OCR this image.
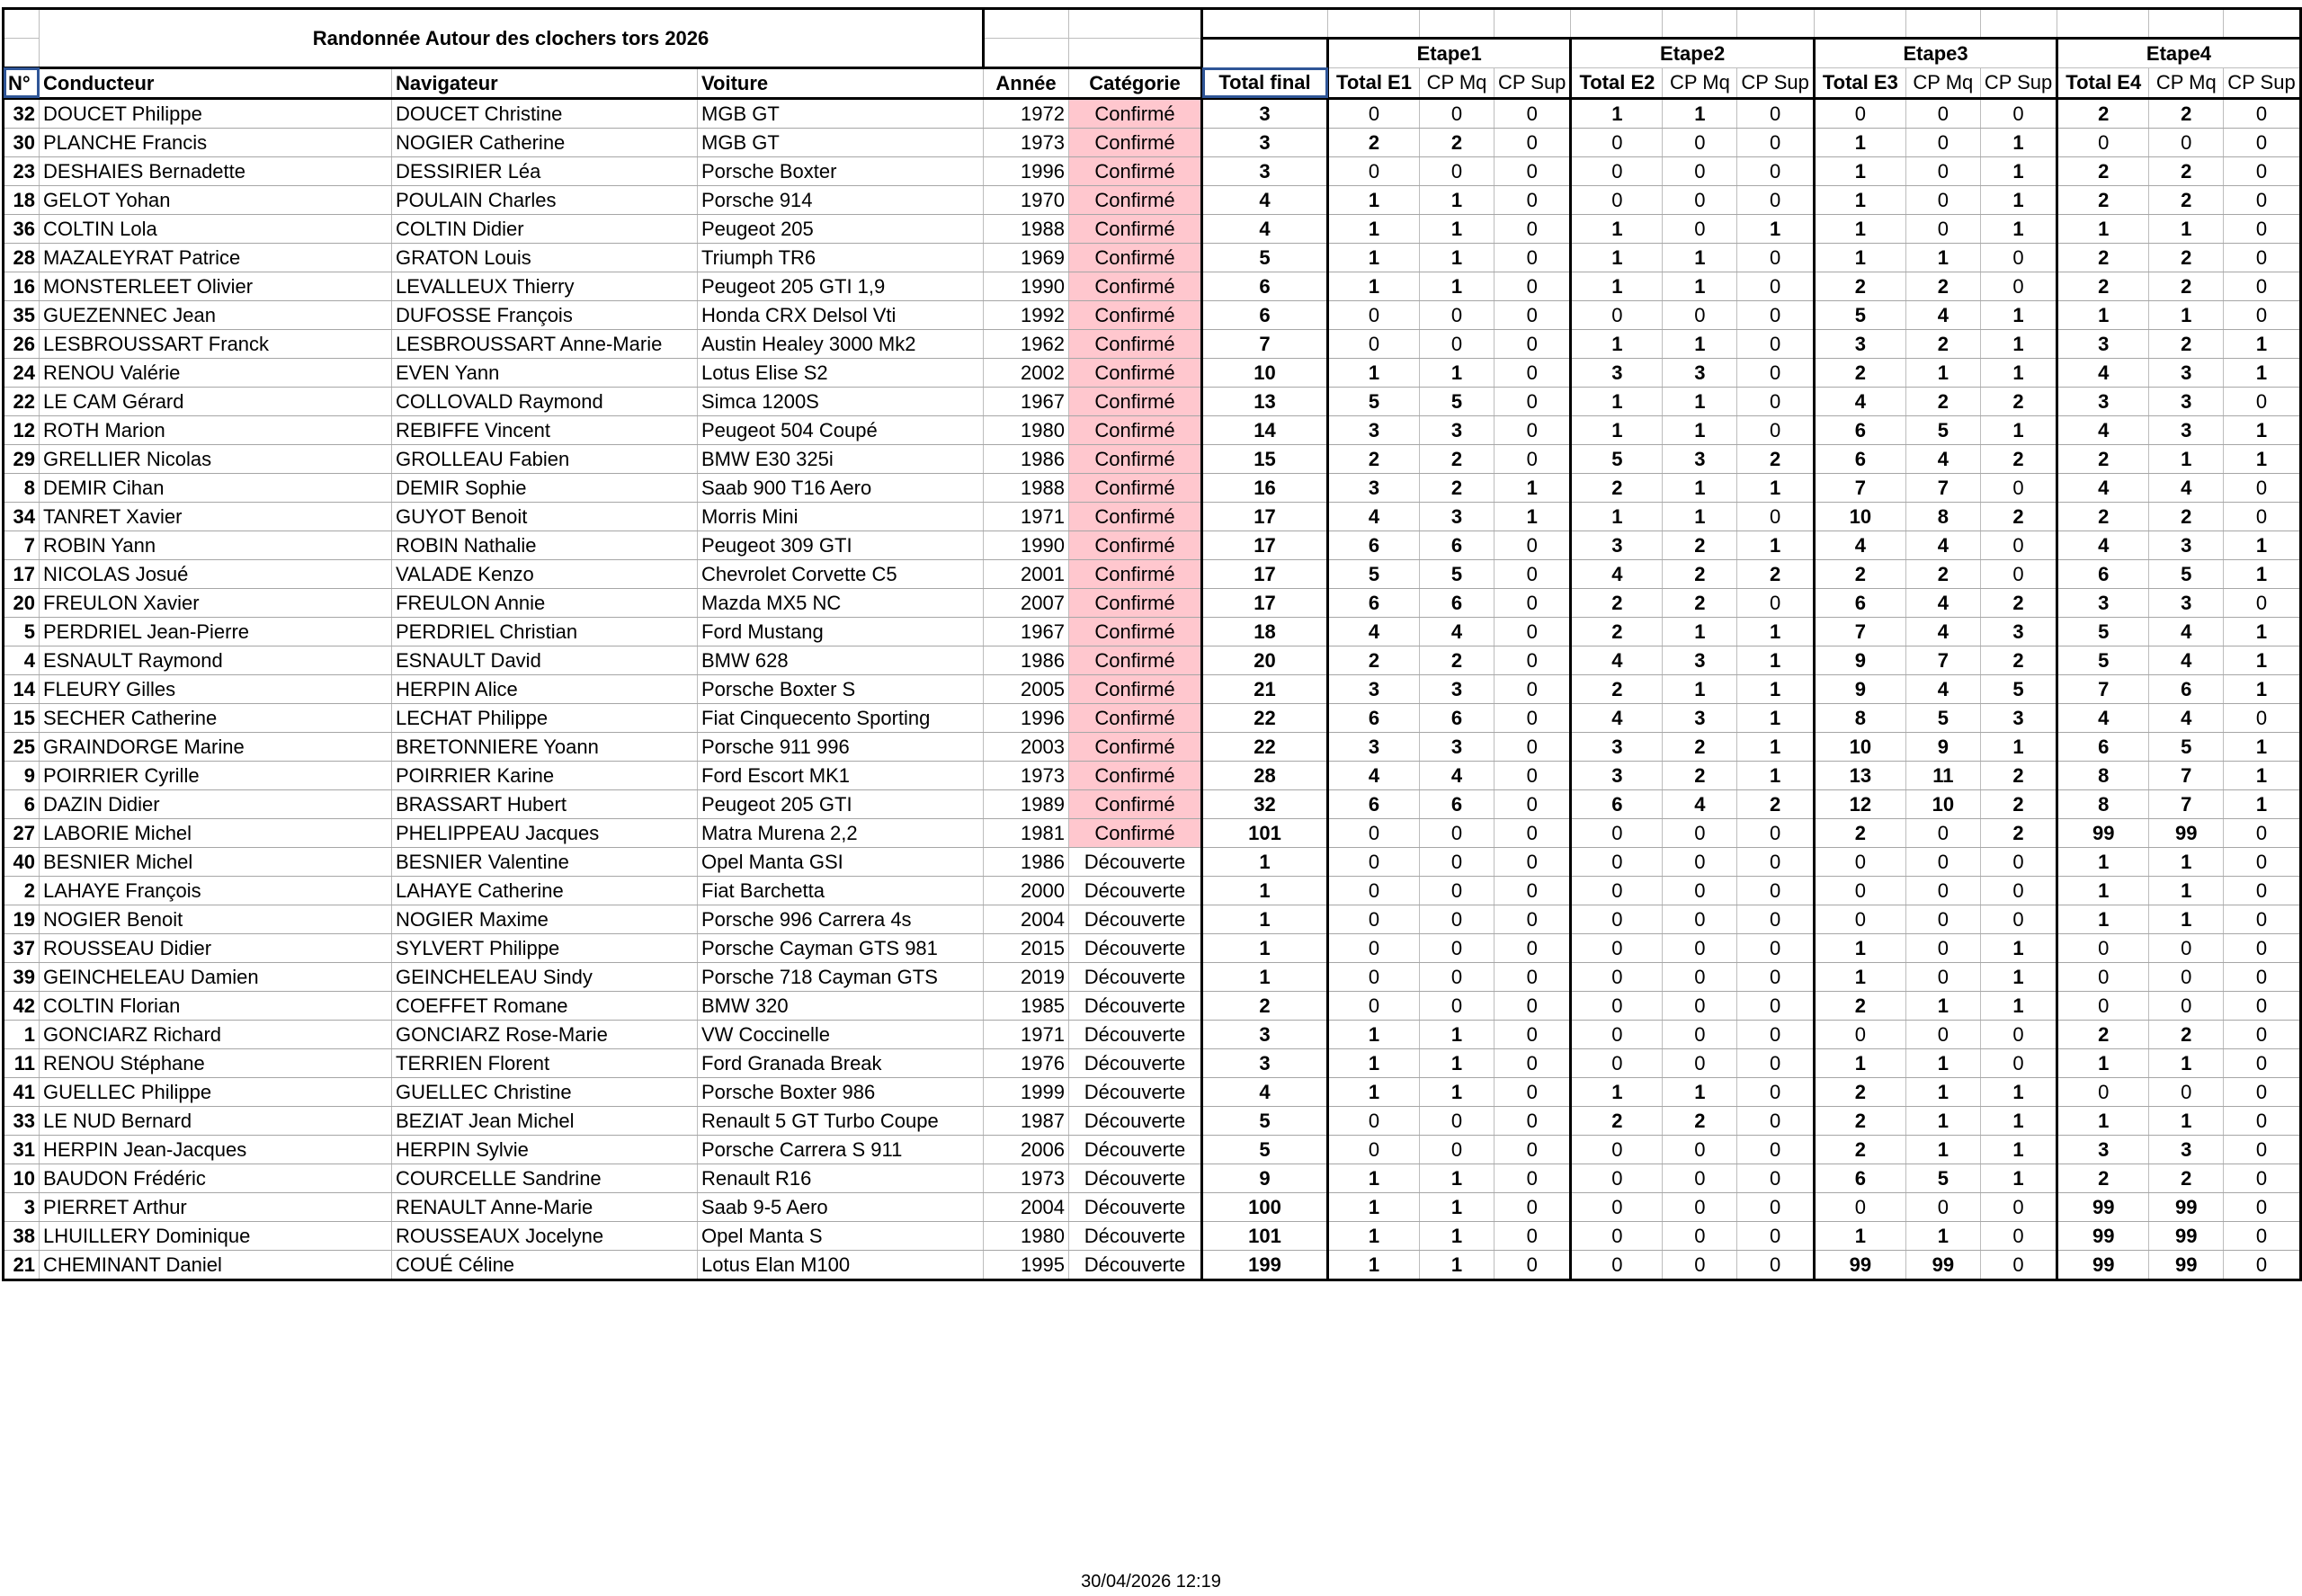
	Randonnée Autour des clochers tors 2026																	
							Etape1			Etape2			Etape3			Etape4		
N°	Conducteur	Navigateur	Voiture	Année	Catégorie	Total final	Total E1	CP Mq	CP Sup	Total E2	CP Mq	CP Sup	Total E3	CP Mq	CP Sup	Total E4	CP Mq	CP Sup
32	DOUCET Philippe	DOUCET Christine	MGB GT	1972	Confirmé	3	0	0	0	1	1	0	0	0	0	2	2	0
30	PLANCHE Francis	NOGIER Catherine	MGB GT	1973	Confirmé	3	2	2	0	0	0	0	1	0	1	0	0	0
23	DESHAIES Bernadette	DESSIRIER Léa	Porsche Boxter	1996	Confirmé	3	0	0	0	0	0	0	1	0	1	2	2	0
18	GELOT Yohan	POULAIN Charles	Porsche 914	1970	Confirmé	4	1	1	0	0	0	0	1	0	1	2	2	0
36	COLTIN Lola	COLTIN Didier	Peugeot 205	1988	Confirmé	4	1	1	0	1	0	1	1	0	1	1	1	0
28	MAZALEYRAT Patrice	GRATON Louis	Triumph TR6	1969	Confirmé	5	1	1	0	1	1	0	1	1	0	2	2	0
16	MONSTERLEET Olivier	LEVALLEUX Thierry	Peugeot 205 GTI 1,9	1990	Confirmé	6	1	1	0	1	1	0	2	2	0	2	2	0
35	GUEZENNEC Jean	DUFOSSE François	Honda CRX Delsol Vti	1992	Confirmé	6	0	0	0	0	0	0	5	4	1	1	1	0
26	LESBROUSSART Franck	LESBROUSSART Anne-Marie	Austin Healey 3000 Mk2	1962	Confirmé	7	0	0	0	1	1	0	3	2	1	3	2	1
24	RENOU Valérie	EVEN Yann	Lotus Elise S2	2002	Confirmé	10	1	1	0	3	3	0	2	1	1	4	3	1
22	LE CAM Gérard	COLLOVALD Raymond	Simca 1200S	1967	Confirmé	13	5	5	0	1	1	0	4	2	2	3	3	0
12	ROTH Marion	REBIFFE Vincent	Peugeot 504 Coupé	1980	Confirmé	14	3	3	0	1	1	0	6	5	1	4	3	1
29	GRELLIER Nicolas	GROLLEAU Fabien	BMW E30 325i	1986	Confirmé	15	2	2	0	5	3	2	6	4	2	2	1	1
8	DEMIR Cihan	DEMIR Sophie	Saab 900 T16 Aero	1988	Confirmé	16	3	2	1	2	1	1	7	7	0	4	4	0
34	TANRET Xavier	GUYOT Benoit	Morris Mini	1971	Confirmé	17	4	3	1	1	1	0	10	8	2	2	2	0
7	ROBIN Yann	ROBIN Nathalie	Peugeot 309 GTI	1990	Confirmé	17	6	6	0	3	2	1	4	4	0	4	3	1
17	NICOLAS Josué	VALADE Kenzo	Chevrolet Corvette C5	2001	Confirmé	17	5	5	0	4	2	2	2	2	0	6	5	1
20	FREULON Xavier	FREULON Annie	Mazda MX5 NC	2007	Confirmé	17	6	6	0	2	2	0	6	4	2	3	3	0
5	PERDRIEL Jean-Pierre	PERDRIEL Christian	Ford Mustang	1967	Confirmé	18	4	4	0	2	1	1	7	4	3	5	4	1
4	ESNAULT Raymond	ESNAULT David	BMW 628	1986	Confirmé	20	2	2	0	4	3	1	9	7	2	5	4	1
14	FLEURY Gilles	HERPIN Alice	Porsche Boxter S	2005	Confirmé	21	3	3	0	2	1	1	9	4	5	7	6	1
15	SECHER Catherine	LECHAT Philippe	Fiat Cinquecento Sporting	1996	Confirmé	22	6	6	0	4	3	1	8	5	3	4	4	0
25	GRAINDORGE Marine	BRETONNIERE Yoann	Porsche 911 996	2003	Confirmé	22	3	3	0	3	2	1	10	9	1	6	5	1
9	POIRRIER Cyrille	POIRRIER Karine	Ford Escort MK1	1973	Confirmé	28	4	4	0	3	2	1	13	11	2	8	7	1
6	DAZIN Didier	BRASSART Hubert	Peugeot 205 GTI	1989	Confirmé	32	6	6	0	6	4	2	12	10	2	8	7	1
27	LABORIE Michel	PHELIPPEAU Jacques	Matra Murena 2,2	1981	Confirmé	101	0	0	0	0	0	0	2	0	2	99	99	0
40	BESNIER Michel	BESNIER Valentine	Opel Manta GSI	1986	Découverte	1	0	0	0	0	0	0	0	0	0	1	1	0
2	LAHAYE François	LAHAYE Catherine	Fiat Barchetta	2000	Découverte	1	0	0	0	0	0	0	0	0	0	1	1	0
19	NOGIER Benoit	NOGIER Maxime	Porsche 996 Carrera 4s	2004	Découverte	1	0	0	0	0	0	0	0	0	0	1	1	0
37	ROUSSEAU Didier	SYLVERT Philippe	Porsche Cayman GTS 981	2015	Découverte	1	0	0	0	0	0	0	1	0	1	0	0	0
39	GEINCHELEAU Damien	GEINCHELEAU Sindy	Porsche 718 Cayman GTS	2019	Découverte	1	0	0	0	0	0	0	1	0	1	0	0	0
42	COLTIN Florian	COEFFET Romane	BMW 320	1985	Découverte	2	0	0	0	0	0	0	2	1	1	0	0	0
1	GONCIARZ Richard	GONCIARZ Rose-Marie	VW Coccinelle	1971	Découverte	3	1	1	0	0	0	0	0	0	0	2	2	0
11	RENOU Stéphane	TERRIEN Florent	Ford Granada Break	1976	Découverte	3	1	1	0	0	0	0	1	1	0	1	1	0
41	GUELLEC Philippe	GUELLEC Christine	Porsche Boxter 986	1999	Découverte	4	1	1	0	1	1	0	2	1	1	0	0	0
33	LE NUD Bernard	BEZIAT Jean Michel	Renault 5 GT Turbo Coupe	1987	Découverte	5	0	0	0	2	2	0	2	1	1	1	1	0
31	HERPIN Jean-Jacques	HERPIN Sylvie	Porsche Carrera S 911	2006	Découverte	5	0	0	0	0	0	0	2	1	1	3	3	0
10	BAUDON Frédéric	COURCELLE Sandrine	Renault R16	1973	Découverte	9	1	1	0	0	0	0	6	5	1	2	2	0
3	PIERRET Arthur	RENAULT Anne-Marie	Saab 9-5 Aero	2004	Découverte	100	1	1	0	0	0	0	0	0	0	99	99	0
38	LHUILLERY Dominique	ROUSSEAUX Jocelyne	Opel Manta S	1980	Découverte	101	1	1	0	0	0	0	1	1	0	99	99	0
21	CHEMINANT Daniel	COUÉ Céline	Lotus Elan M100	1995	Découverte	199	1	1	0	0	0	0	99	99	0	99	99	0
30/04/2026 12:19
